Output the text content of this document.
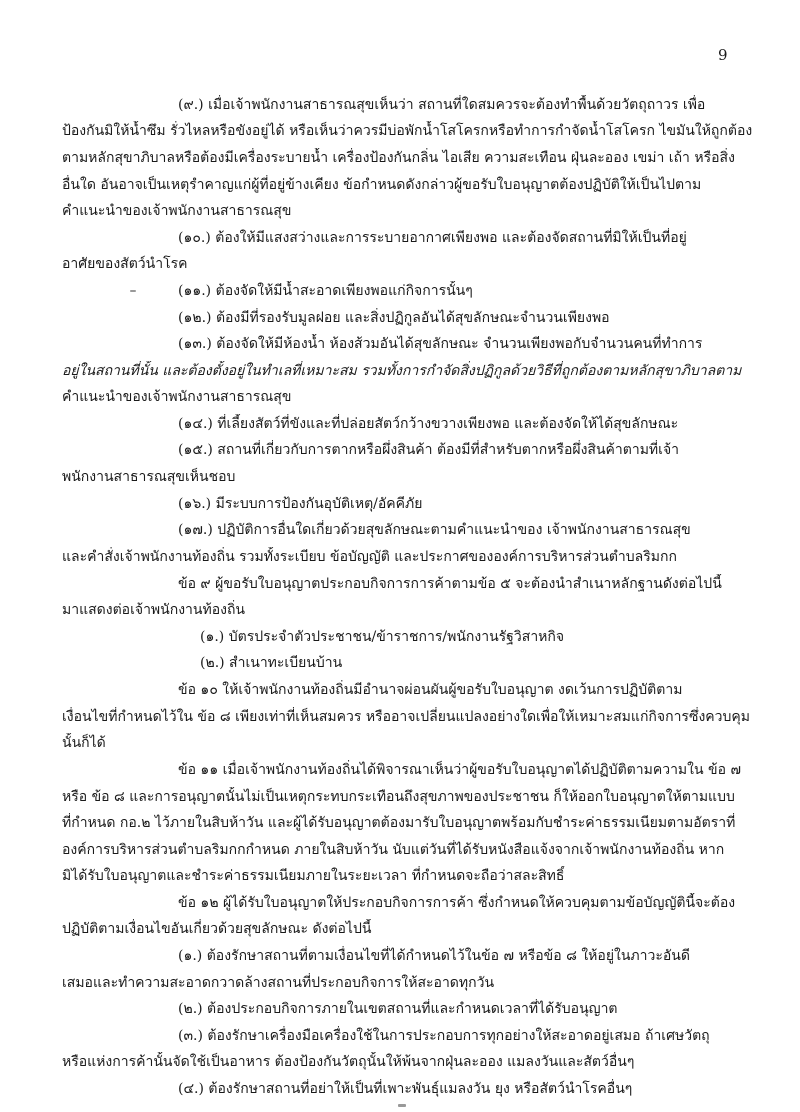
9
(๙.) เมื่อเจ้าพนักงานสาธารณสุขเห็นว่า สถานที่ใดสมควรจะต้องทำพื้นด้วยวัตถุถาวร เพื่อ
ป้องกันมิให้น้ำซึม รั่วไหลหรือขังอยู่ได้ หรือเห็นว่าควรมีบ่อพักน้ำโสโครกหรือทำการกำจัดน้ำโสโครก ไขมันให้ถูกต้อง
ตามหลักสุขาภิบาลหรือต้องมีเครื่องระบายน้ำ เครื่องป้องกันกลิ่น ไอเสีย ความสะเทือน ฝุ่นละออง เขม่า เถ้า หรือสิ่ง
อื่นใด อันอาจเป็นเหตุรำคาญแก่ผู้ที่อยู่ข้างเคียง ข้อกำหนดดังกล่าวผู้ขอรับใบอนุญาตต้องปฏิบัติให้เป็นไปตาม
คำแนะนำของเจ้าพนักงานสาธารณสุข
(๑๐.) ต้องให้มีแสงสว่างและการระบายอากาศเพียงพอ และต้องจัดสถานที่มิให้เป็นที่อยู่
อาศัยของสัตว์นำโรค
(๑๑.) ต้องจัดให้มีน้ำสะอาดเพียงพอแก่กิจการนั้นๆ
(๑๒.) ต้องมีที่รองรับมูลฝอย และสิ่งปฏิกูลอันได้สุขลักษณะจำนวนเพียงพอ
(๑๓.) ต้องจัดให้มีห้องน้ำ ห้องส้วมอันได้สุขลักษณะ จำนวนเพียงพอกับจำนวนคนที่ทำการ
อยู่ในสถานที่นั้น และต้องตั้งอยู่ในทำเลที่เหมาะสม รวมทั้งการกำจัดสิ่งปฏิกูลด้วยวิธีที่ถูกต้องตามหลักสุขาภิบาลตาม
คำแนะนำของเจ้าพนักงานสาธารณสุข
(๑๔.) ที่เลี้ยงสัตว์ที่ขังและที่ปล่อยสัตว์กว้างขวางเพียงพอ และต้องจัดให้ได้สุขลักษณะ
(๑๕.) สถานที่เกี่ยวกับการตากหรือผึ่งสินค้า ต้องมีที่สำหรับตากหรือผึ่งสินค้าตามที่เจ้า
พนักงานสาธารณสุขเห็นชอบ
(๑๖.) มีระบบการป้องกันอุบัติเหตุ/อัคคีภัย
(๑๗.) ปฏิบัติการอื่นใดเกี่ยวด้วยสุขลักษณะตามคำแนะนำของ เจ้าพนักงานสาธารณสุข
และคำสั่งเจ้าพนักงานท้องถิ่น รวมทั้งระเบียบ ข้อบัญญัติ และประกาศขององค์การบริหารส่วนตำบลริมกก
ข้อ ๙ ผู้ขอรับใบอนุญาตประกอบกิจการการค้าตามข้อ ๕ จะต้องนำสำเนาหลักฐานดังต่อไปนี้
มาแสดงต่อเจ้าพนักงานท้องถิ่น
(๑.) บัตรประจำตัวประชาชน/ข้าราชการ/พนักงานรัฐวิสาหกิจ
(๒.) สำเนาทะเบียนบ้าน
ข้อ ๑๐ ให้เจ้าพนักงานท้องถิ่นมีอำนาจผ่อนผันผู้ขอรับใบอนุญาต งดเว้นการปฏิบัติตาม
เงื่อนไขที่กำหนดไว้ใน ข้อ ๘ เพียงเท่าที่เห็นสมควร หรืออาจเปลี่ยนแปลงอย่างใดเพื่อให้เหมาะสมแก่กิจการซึ่งควบคุม
นั้นก็ได้
ข้อ ๑๑ เมื่อเจ้าพนักงานท้องถิ่นได้พิจารณาเห็นว่าผู้ขอรับใบอนุญาตได้ปฏิบัติตามความใน ข้อ ๗
หรือ ข้อ ๘ และการอนุญาตนั้นไม่เป็นเหตุกระทบกระเทือนถึงสุขภาพของประชาชน ก็ให้ออกใบอนุญาตให้ตามแบบ
ที่กำหนด กอ.๒ ไว้ภายในสิบห้าวัน และผู้ได้รับอนุญาตต้องมารับใบอนุญาตพร้อมกับชำระค่าธรรมเนียมตามอัตราที่
องค์การบริหารส่วนตำบลริมกกกำหนด ภายในสิบห้าวัน นับแต่วันที่ได้รับหนังสือแจ้งจากเจ้าพนักงานท้องถิ่น หาก
มิได้รับใบอนุญาตและชำระค่าธรรมเนียมภายในระยะเวลา ที่กำหนดจะถือว่าสละสิทธิ์
ข้อ ๑๒ ผู้ได้รับใบอนุญาตให้ประกอบกิจการการค้า ซึ่งกำหนดให้ควบคุมตามข้อบัญญัตินี้จะต้อง
ปฏิบัติตามเงื่อนไขอันเกี่ยวด้วยสุขลักษณะ ดังต่อไปนี้
(๑.) ต้องรักษาสถานที่ตามเงื่อนไขที่ได้กำหนดไว้ในข้อ ๗ หรือข้อ ๘ ให้อยู่ในภาวะอันดี
เสมอและทำความสะอาดกวาดล้างสถานที่ประกอบกิจการให้สะอาดทุกวัน
(๒.) ต้องประกอบกิจการภายในเขตสถานที่และกำหนดเวลาที่ได้รับอนุญาต
(๓.) ต้องรักษาเครื่องมือเครื่องใช้ในการประกอบการทุกอย่างให้สะอาดอยู่เสมอ ถ้าเศษวัตถุ
หรือแห่งการค้านั้นจัดใช้เป็นอาหาร ต้องป้องกันวัตถุนั้นให้พ้นจากฝุ่นละออง แมลงวันและสัตว์อื่นๆ
(๔.) ต้องรักษาสถานที่อย่าให้เป็นที่เพาะพันธุ์แมลงวัน ยุง หรือสัตว์นำโรคอื่นๆ
